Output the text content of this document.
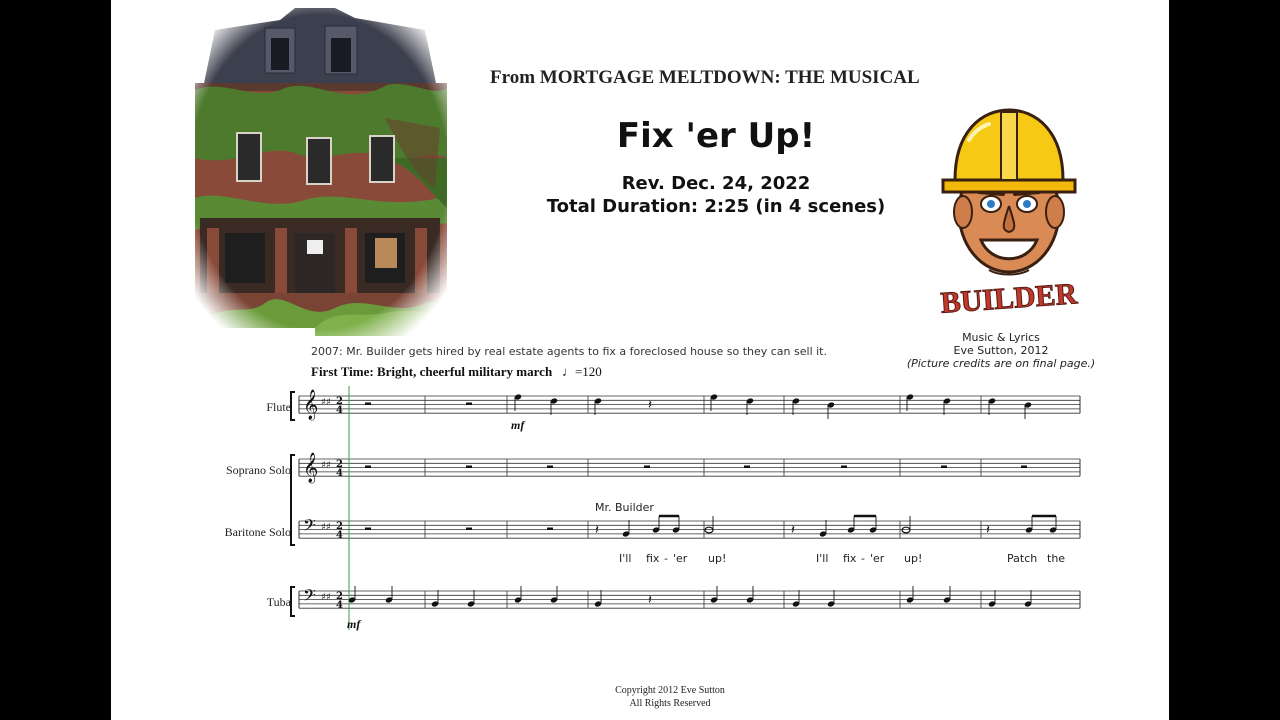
From MORTGAGE MELTDOWN: THE MUSICAL
Fix 'er Up!
Rev. Dec. 24, 2022
Total Duration: 2:25 (in 4 scenes)
BUILDER
Music & Lyrics
Eve Sutton, 2012
(Picture credits are on final page.)
2007: Mr. Builder gets hired by real estate agents to fix a foreclosed house so they can sell it.
First Time: Bright, cheerful military march   ♩=120
Flute
Soprano Solo
Baritone Solo
Tuba
𝄞 ♯♯ 2
4
𝄞 ♯♯ 2
4
𝄢 ♯♯ 2
4
𝄢 ♯♯ 2
4
𝄽
𝄽	𝄽	𝄽
𝄽
mf
mf
Mr. Builder
I'll fix - 'er up!	I'll fix - 'er up!	Patch the
Copyright 2012 Eve Sutton
All Rights Reserved
